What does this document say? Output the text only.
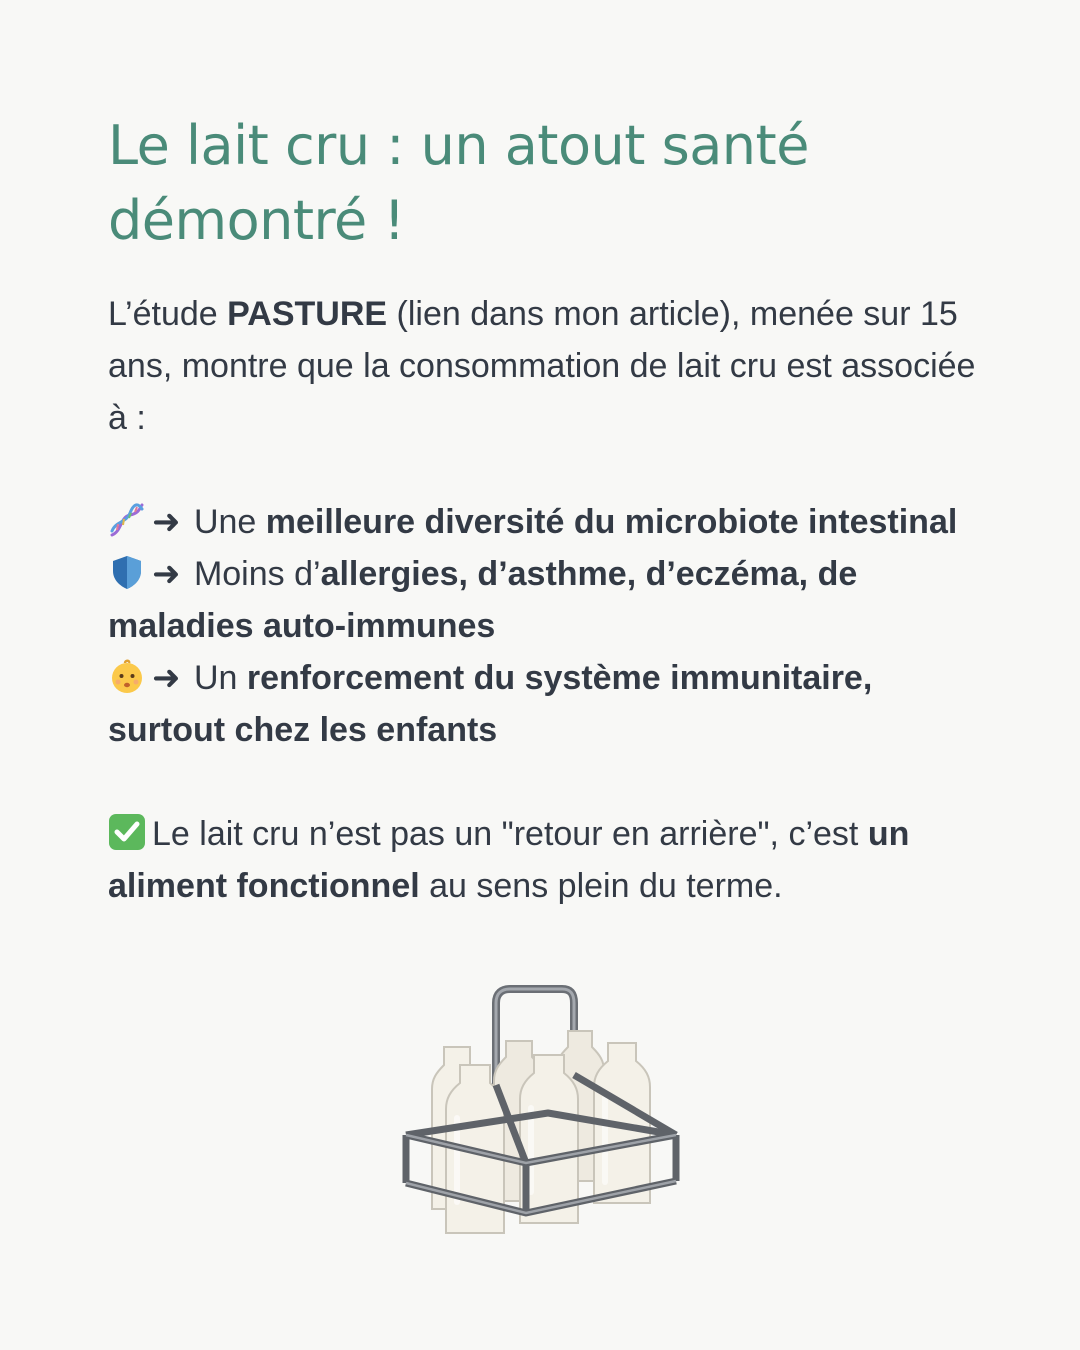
Le lait cru : un atout santé démontré !

L’étude PASTURE (lien dans mon article), menée sur 15 ans, montre que la consommation de lait cru est associée à :

➜ Une meilleure diversité du microbiote intestinal

➜ Moins d’allergies, d’asthme, d’eczéma, de maladies auto-immunes

➜ Un renforcement du système immunitaire, surtout chez les enfants

Le lait cru n’est pas un "retour en arrière", c’est un aliment fonctionnel au sens plein du terme.
